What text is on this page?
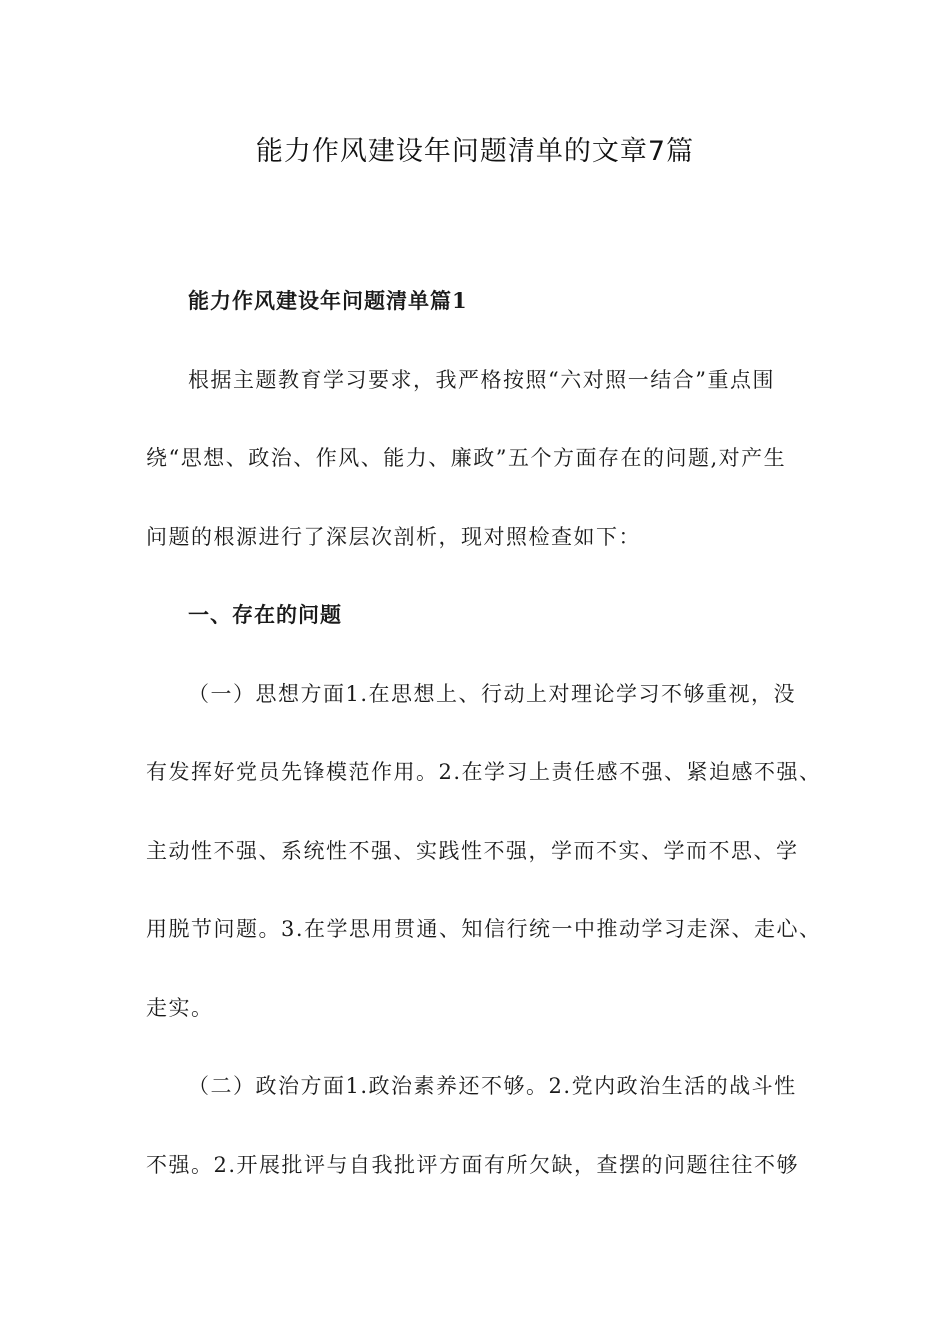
能力作风建设年问题清单的文章7篇
能力作风建设年问题清单篇1
根据主题教育学习要求，我严格按照“六对照一结合”重点围
绕“思想、政治、作风、能力、廉政”五个方面存在的问题,对产生
问题的根源进行了深层次剖析，现对照检查如下：
一、存在的问题
（一）思想方面1.在思想上、行动上对理论学习不够重视，没
有发挥好党员先锋模范作用。2.在学习上责任感不强、紧迫感不强、
主动性不强、系统性不强、实践性不强，学而不实、学而不思、学
用脱节问题。3.在学思用贯通、知信行统一中推动学习走深、走心、
走实。
（二）政治方面1.政治素养还不够。2.党内政治生活的战斗性
不强。2.开展批评与自我批评方面有所欠缺，查摆的问题往往不够
